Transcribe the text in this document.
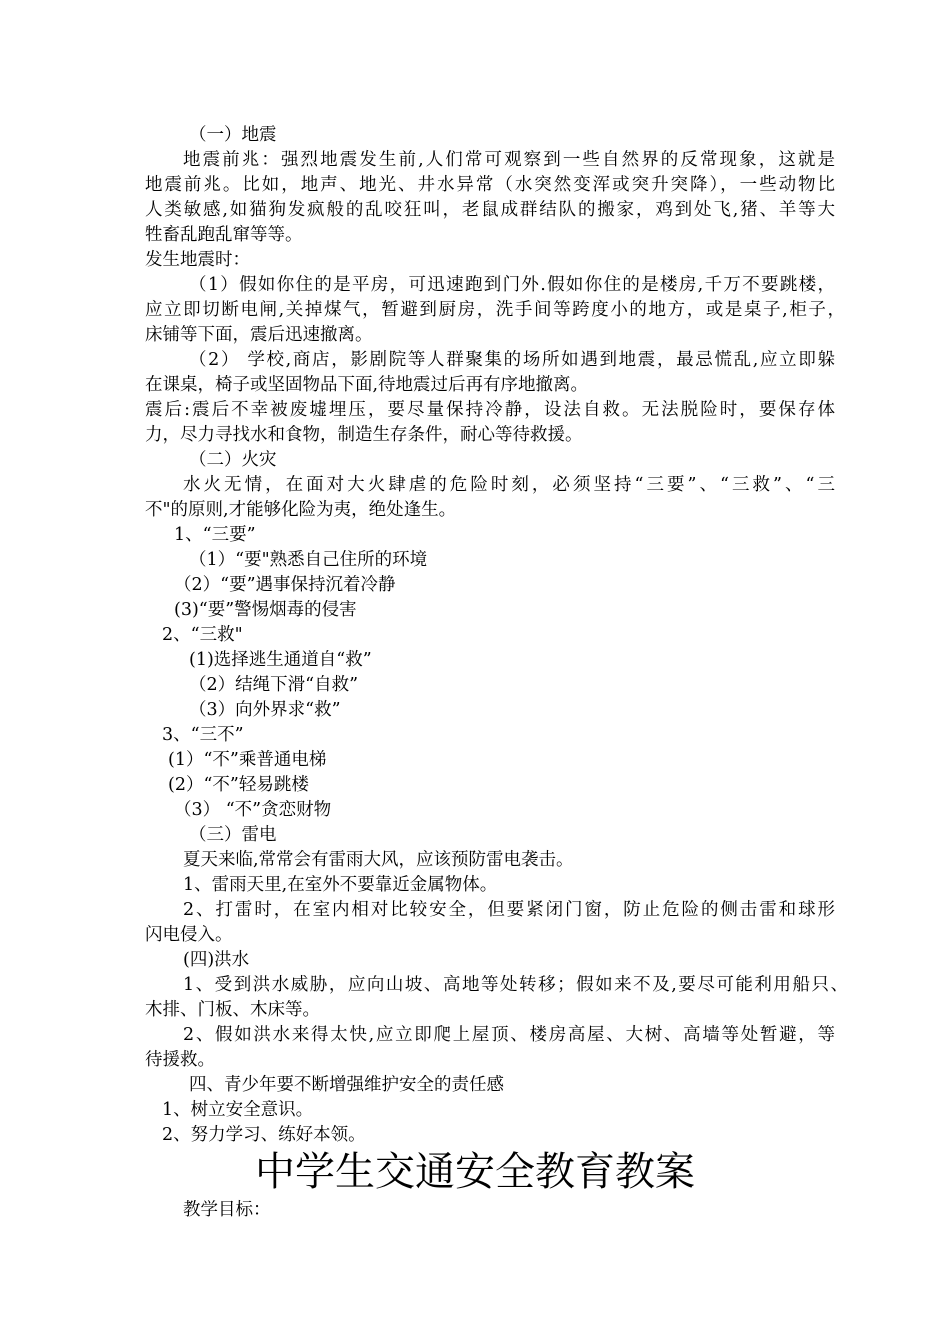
（一）地震
地震前兆：强烈地震发生前,人们常可观察到一些自然界的反常现象，这就是
地震前兆。比如，地声、地光、井水异常（水突然变浑或突升突降），一些动物比
人类敏感,如猫狗发疯般的乱咬狂叫，老鼠成群结队的搬家，鸡到处飞,猪、羊等大
牲畜乱跑乱窜等等。
发生地震时：
（1）假如你住的是平房，可迅速跑到门外.假如你住的是楼房,千万不要跳楼，
应立即切断电闸,关掉煤气，暂避到厨房，洗手间等跨度小的地方，或是桌子,柜子，
床铺等下面，震后迅速撤离。
（2） 学校,商店，影剧院等人群聚集的场所如遇到地震，最忌慌乱,应立即躲
在课桌，椅子或坚固物品下面,待地震过后再有序地撤离。
震后:震后不幸被废墟埋压，要尽量保持冷静，设法自救。无法脱险时，要保存体
力，尽力寻找水和食物，制造生存条件，耐心等待救援。
（二）火灾
水火无情，在面对大火肆虐的危险时刻，必须坚持“三要”、“三救”、“三
不"的原则,才能够化险为夷，绝处逢生。
1、“三要”
（1）“要"熟悉自己住所的环境
（2）“要”遇事保持沉着冷静
(3)“要”警惕烟毒的侵害
2、“三救"
(1)选择逃生通道自“救”
（2）结绳下滑“自救”
（3）向外界求“救”
3、“三不”
(1）“不”乘普通电梯
(2）“不”轻易跳楼
（3） “不”贪恋财物
（三）雷电
夏天来临,常常会有雷雨大风，应该预防雷电袭击。
1、雷雨天里,在室外不要靠近金属物体。
2、打雷时，在室内相对比较安全，但要紧闭门窗，防止危险的侧击雷和球形
闪电侵入。
(四)洪水
1、受到洪水威胁，应向山坡、高地等处转移；假如来不及,要尽可能利用船只、
木排、门板、木床等。
2、假如洪水来得太快,应立即爬上屋顶、楼房高屋、大树、高墙等处暂避，等
待援救。
四、青少年要不断增强维护安全的责任感
1、树立安全意识。
2、努力学习、练好本领。
中学生交通安全教育教案
教学目标：
